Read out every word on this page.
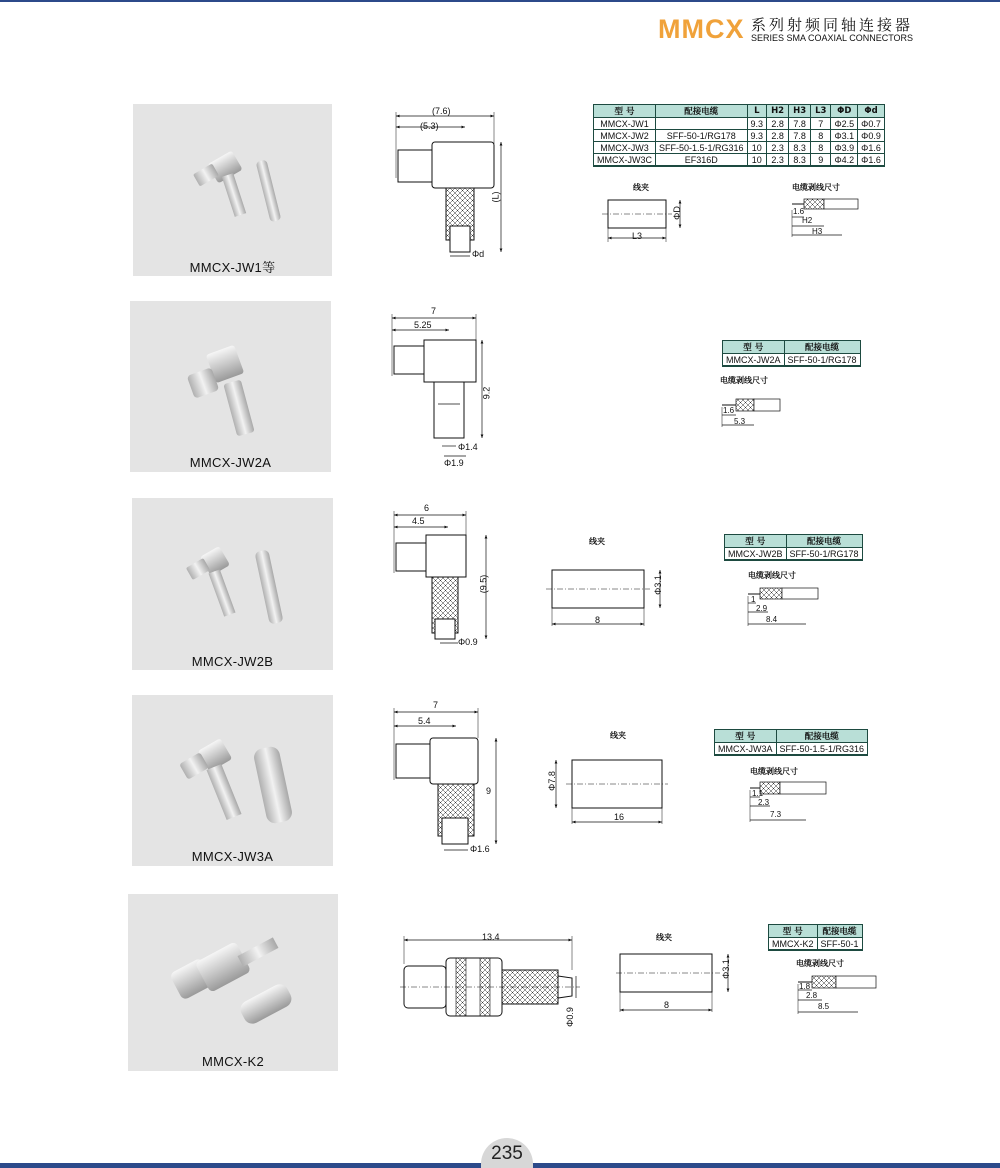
MMCX 系列射频同轴连接器
SERIES SMA COAXIAL CONNECTORS
MMCX-JW1等
(7.6)
(5.3)
(L)
Φd
型 号	配接电缆	L	H2	H3	L3	ΦD	Φd
MMCX-JW1		9.3	2.8	7.8	7	Φ2.5	Φ0.7
MMCX-JW2	SFF-50-1/RG178	9.3	2.8	7.8	8	Φ3.1	Φ0.9
MMCX-JW3	SFF-50-1.5-1/RG316	10	2.3	8.3	8	Φ3.9	Φ1.6
MMCX-JW3C	EF316D	10	2.3	8.3	9	Φ4.2	Φ1.6
线夹
L3
ΦD
电缆剥线尺寸
1.6
H2
H3
MMCX-JW2A
7
5.25
9.2
Φ1.4
Φ1.9
型 号	配接电缆
MMCX-JW2A	SFF-50-1/RG178
电缆剥线尺寸
1.6
5.3
MMCX-JW2B
6
4.5
(9.5)
Φ0.9
线夹
8
Φ3.1
型 号	配接电缆
MMCX-JW2B	SFF-50-1/RG178
电缆剥线尺寸
1
2.9
8.4
MMCX-JW3A
7
5.4
9
Φ1.6
线夹
16
Φ7.8
型 号	配接电缆
MMCX-JW3A	SFF-50-1.5-1/RG316
电缆剥线尺寸
1.1
2.3
7.3
MMCX-K2
13.4
Φ0.9
线夹
8
Φ3.1
型 号	配接电缆
MMCX-K2	SFF-50-1
电缆剥线尺寸
1.8
2.8
8.5
235
